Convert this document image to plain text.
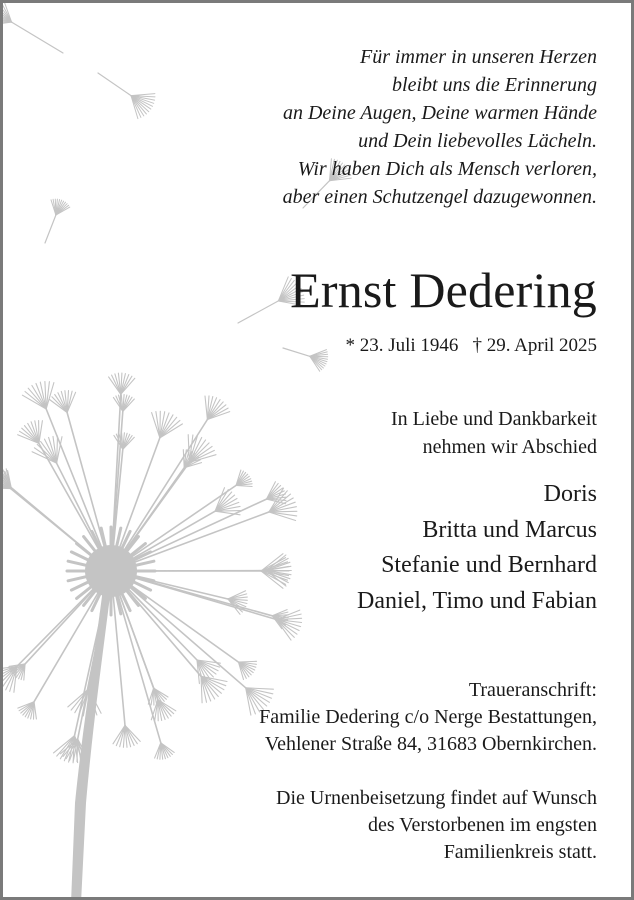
Für immer in unseren Herzen
bleibt uns die Erinnerung
an Deine Augen, Deine warmen Hände
und Dein liebevolles Lächeln.
Wir haben Dich als Mensch verloren,
aber einen Schutzengel dazugewonnen.
Ernst Dedering
* 23. Juli 1946 † 29. April 2025
In Liebe und Dankbarkeit
nehmen wir Abschied
Doris
Britta und Marcus
Stefanie und Bernhard
Daniel, Timo und Fabian
Traueranschrift:
Familie Dedering c/o Nerge Bestattungen,
Vehlener Straße 84, 31683 Obernkirchen.
Die Urnenbeisetzung findet auf Wunsch
des Verstorbenen im engsten
Familienkreis statt.
